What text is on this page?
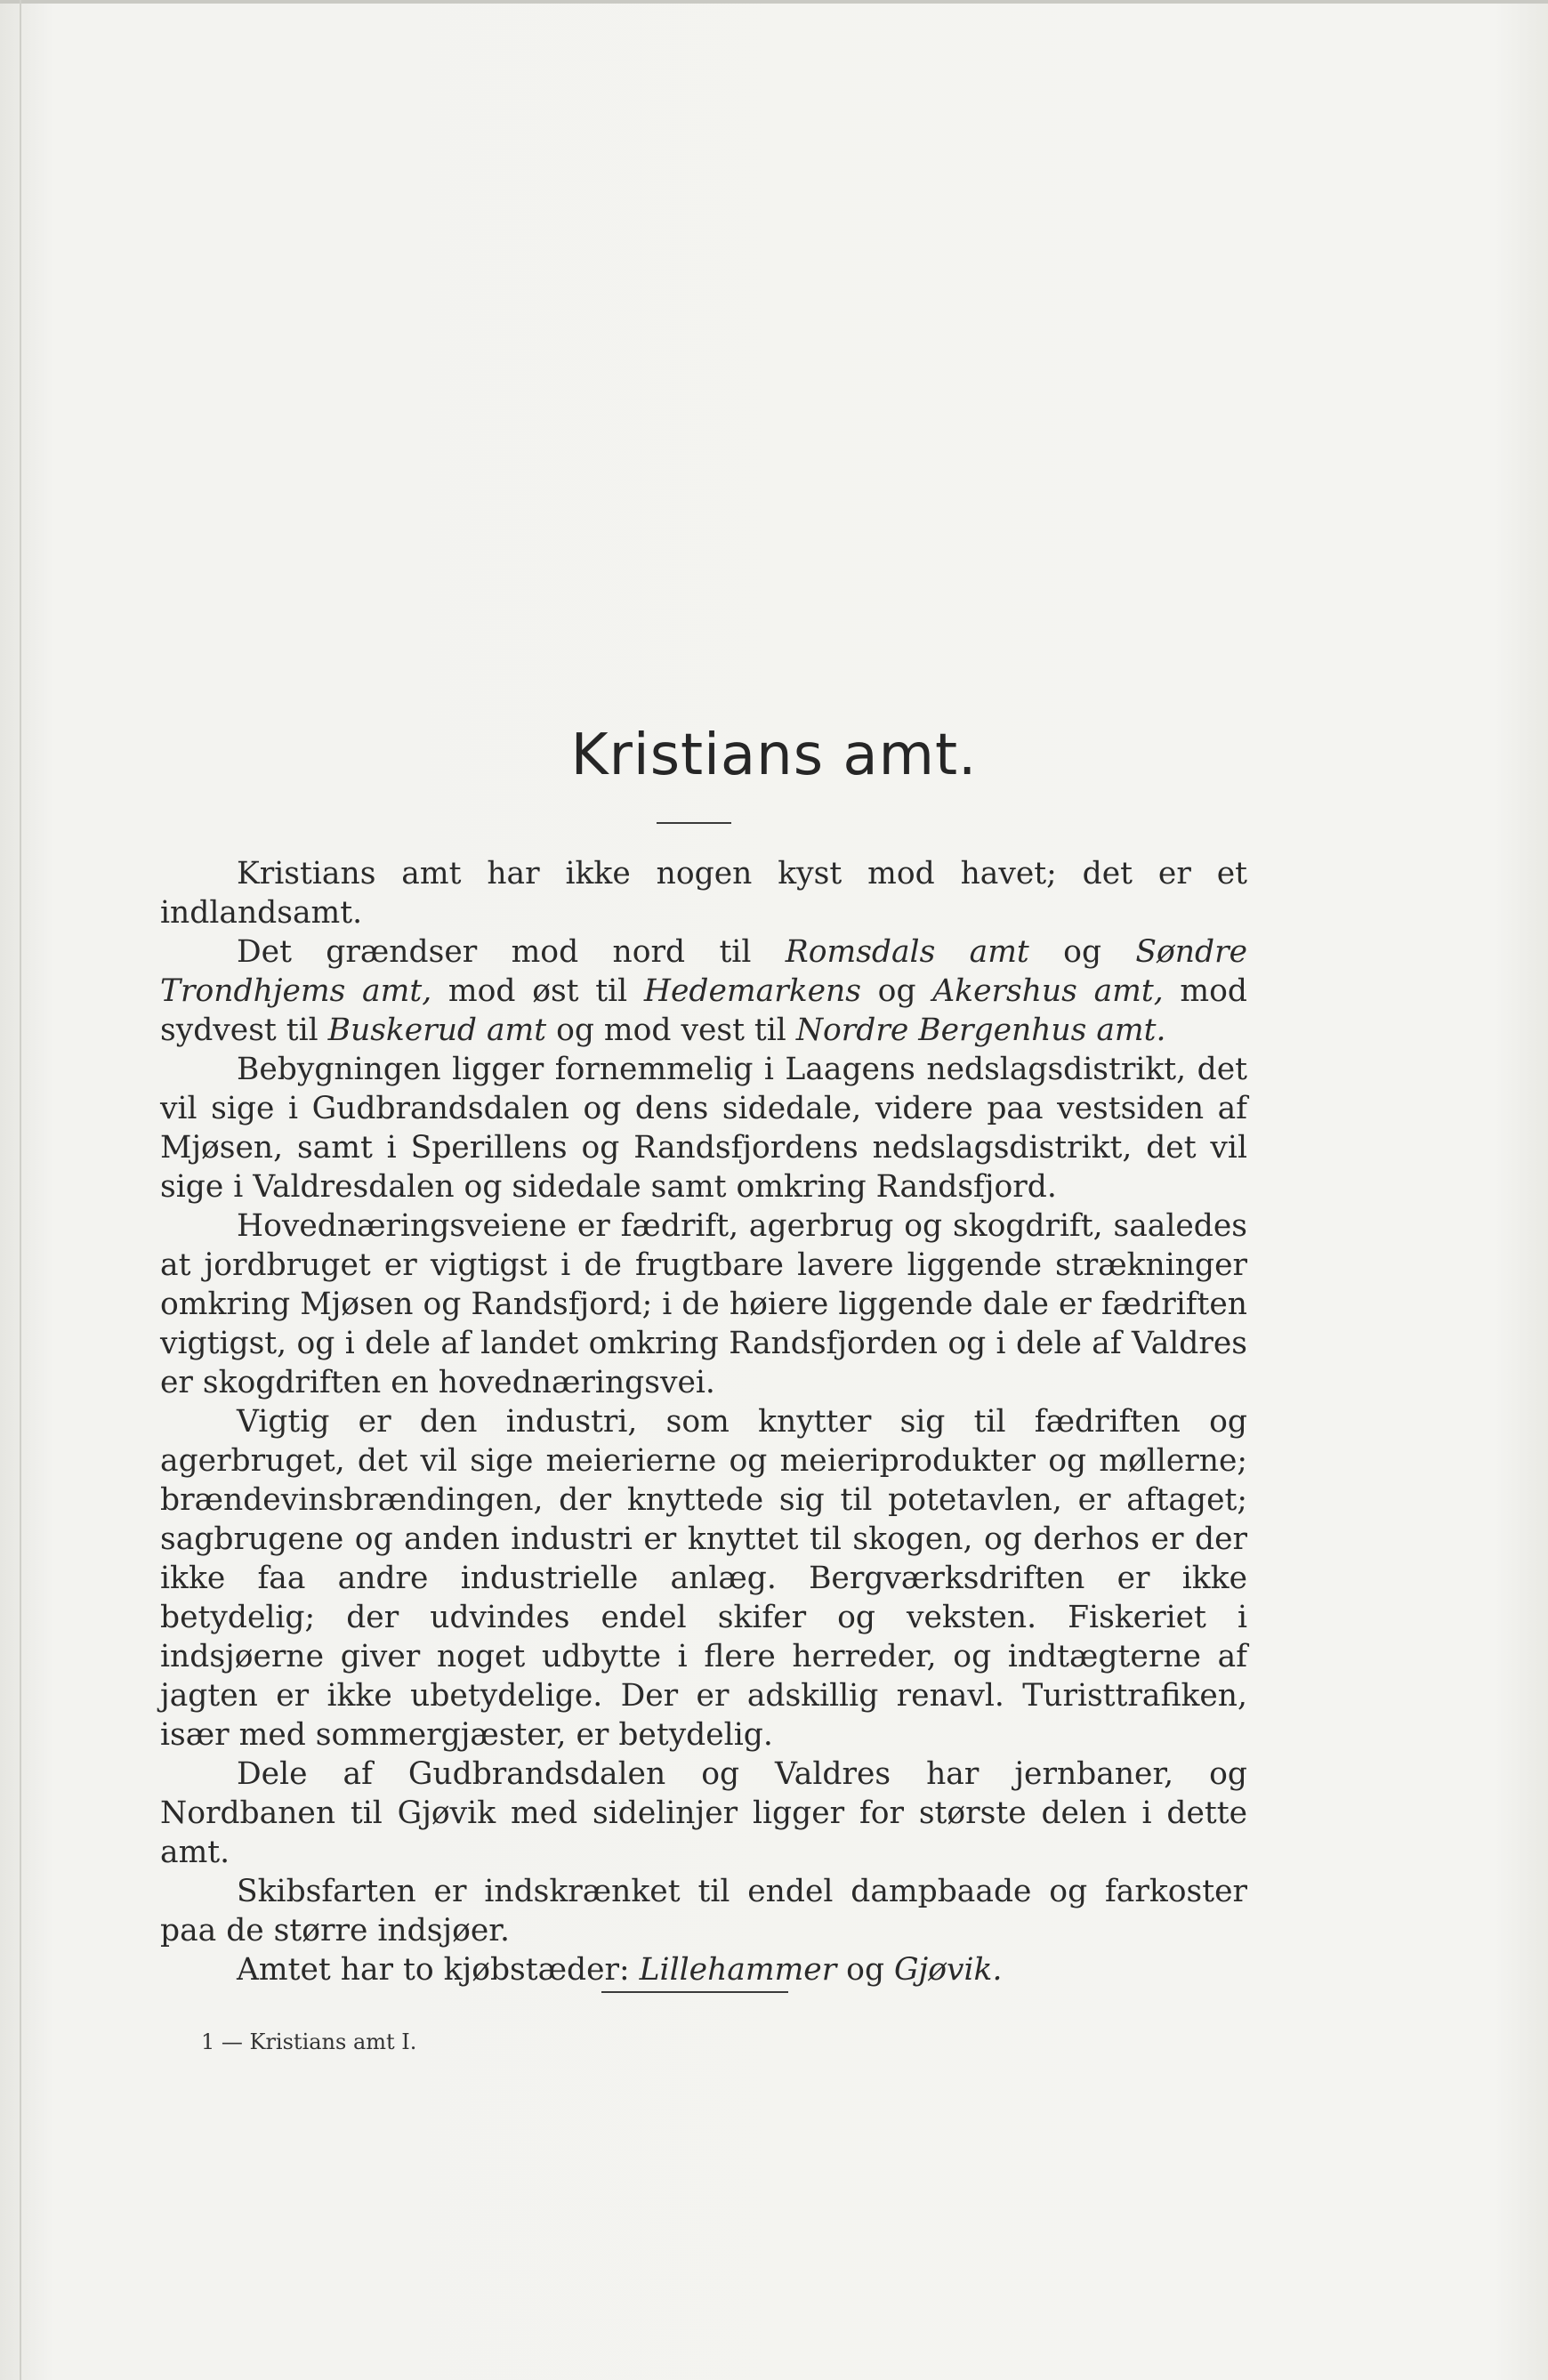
Kristians amt.

Kristians amt har ikke nogen kyst mod havet; det er et indlandsamt.

Det grændser mod nord til Romsdals amt og Søndre Trondhjems amt, mod øst til Hedemarkens og Akershus amt, mod sydvest til Buskerud amt og mod vest til Nordre Bergenhus amt.

Bebygningen ligger fornemmelig i Laagens nedslagsdistrikt, det vil sige i Gudbrandsdalen og dens sidedale, videre paa vestsiden af Mjøsen, samt i Sperillens og Randsfjordens nedslagsdistrikt, det vil sige i Valdresdalen og sidedale samt omkring Randsfjord.

Hovednæringsveiene er fædrift, agerbrug og skogdrift, saaledes at jordbruget er vigtigst i de frugtbare lavere liggende strækninger omkring Mjøsen og Randsfjord; i de høiere liggende dale er fædriften vigtigst, og i dele af landet omkring Randsfjorden og i dele af Valdres er skogdriften en hovednæringsvei.

Vigtig er den industri, som knytter sig til fædriften og agerbruget, det vil sige meierierne og meieriprodukter og møllerne; brændevinsbrændingen, der knyttede sig til potetavlen, er aftaget; sagbrugene og anden industri er knyttet til skogen, og derhos er der ikke faa andre industrielle anlæg. Bergværksdriften er ikke betydelig; der udvindes endel skifer og veksten. Fiskeriet i indsjøerne giver noget udbytte i flere herreder, og indtægterne af jagten er ikke ubetydelige. Der er adskillig renavl. Turisttrafiken, især med sommergjæster, er betydelig.

Dele af Gudbrandsdalen og Valdres har jernbaner, og Nordbanen til Gjøvik med sidelinjer ligger for største delen i dette amt.

Skibsfarten er indskrænket til endel dampbaade og farkoster paa de større indsjøer.

Amtet har to kjøbstæder: Lillehammer og Gjøvik.

1 — Kristians amt I.
